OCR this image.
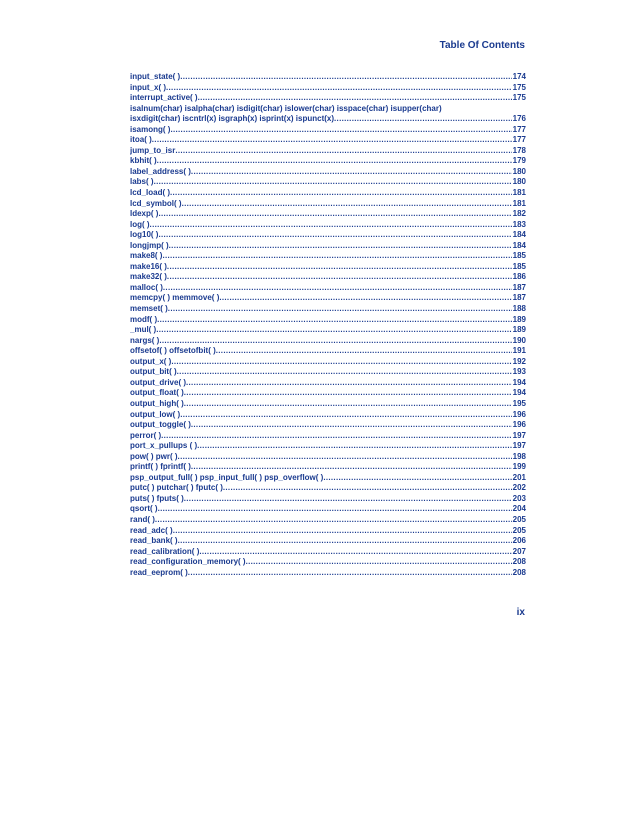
Table Of Contents
input_state( ) .....	174
input_x( ) .....	175
interrupt_active( ) .....	175
isalnum(char) isalpha(char) isdigit(char) islower(char) isspace(char) isupper(char)
isxdigit(char) iscntrl(x) isgraph(x) isprint(x) ispunct(x) .....	176
isamong( ) .....	177
itoa( ) .....	177
jump_to_isr .....	178
kbhit( ) .....	179
label_address( ) .....	180
labs( ) .....	180
lcd_load( ) .....	181
lcd_symbol( ) .....	181
ldexp( ) .....	182
log( ) .....	183
log10( ) .....	184
longjmp( ) .....	184
make8( ) .....	185
make16( ) .....	185
make32( ) .....	186
malloc( ) .....	187
memcpy( ) memmove( ) .....	187
memset( ) .....	188
modf( ) .....	189
_mul( ) .....	189
nargs( ) .....	190
offsetof( ) offsetofbit( ) .....	191
output_x( ) .....	192
output_bit( ) .....	193
output_drive( ) .....	194
output_float( ) .....	194
output_high( ) .....	195
output_low( ) .....	196
output_toggle( ) .....	196
perror( ) .....	197
port_x_pullups ( ) .....	197
pow( ) pwr( ) .....	198
printf( ) fprintf( ) .....	199
psp_output_full( ) psp_input_full( ) psp_overflow( ) .....	201
putc( ) putchar( ) fputc( ) .....	202
puts( ) fputs( ) .....	203
qsort( ) .....	204
rand( ) .....	205
read_adc( ) .....	205
read_bank( ) .....	206
read_calibration( ) .....	207
read_configuration_memory( ) .....	208
read_eeprom( ) .....	208
ix
